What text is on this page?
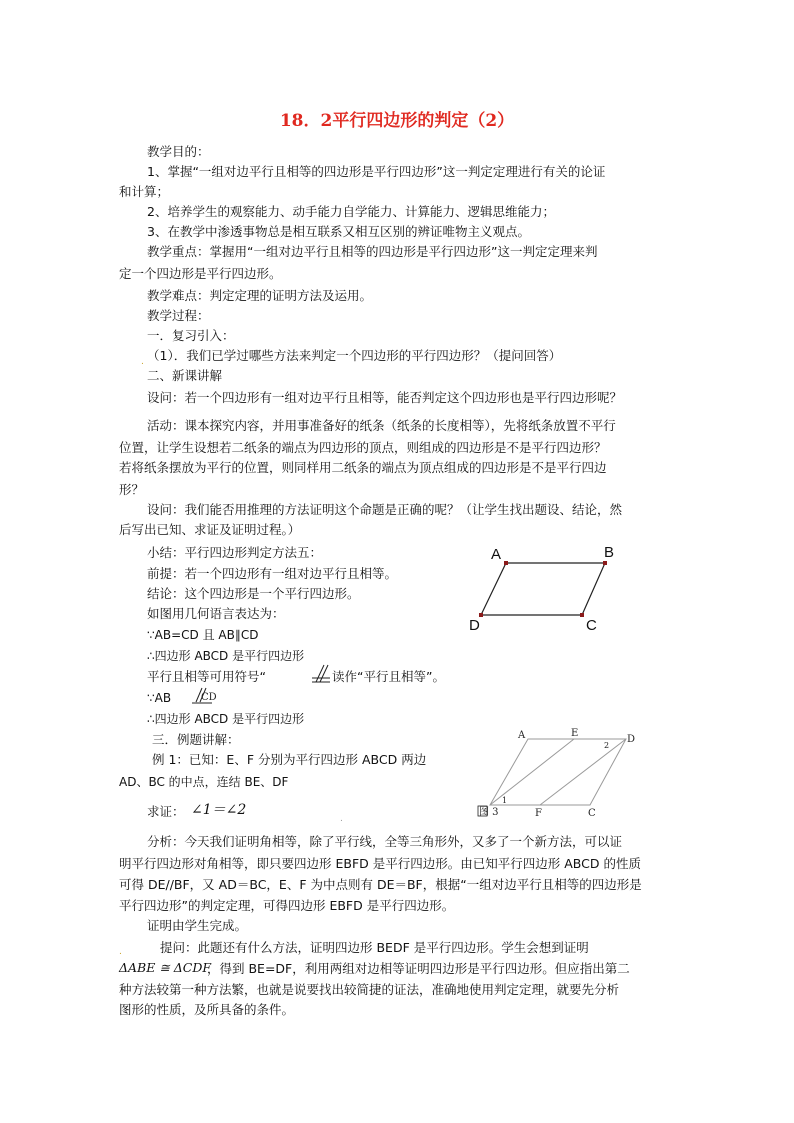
18．2平行四边形的判定（2）
教学目的：
1、掌握“一组对边平行且相等的四边形是平行四边形”这一判定定理进行有关的论证
和计算；
2、培养学生的观察能力、动手能力自学能力、计算能力、逻辑思维能力；
3、在教学中渗透事物总是相互联系又相互区别的辨证唯物主义观点。
教学重点：掌握用“一组对边平行且相等的四边形是平行四边形”这一判定定理来判
定一个四边形是平行四边形。
教学难点：判定定理的证明方法及运用。
教学过程：
一．复习引入：
（1）．我们已学过哪些方法来判定一个四边形的平行四边形？（提问回答）
二、新课讲解
设问：若一个四边形有一组对边平行且相等，能否判定这个四边形也是平行四边形呢？
活动：课本探究内容，并用事准备好的纸条（纸条的长度相等），先将纸条放置不平行
位置，让学生设想若二纸条的端点为四边形的顶点，则组成的四边形是不是平行四边形？
若将纸条摆放为平行的位置，则同样用二纸条的端点为顶点组成的四边形是不是平行四边
形？
设问：我们能否用推理的方法证明这个命题是正确的呢？（让学生找出题设、结论，然
后写出已知、求证及证明过程。）
小结：平行四边形判定方法五：
前提：若一个四边形有一组对边平行且相等。
结论：这个四边形是一个平行四边形。
如图用几何语言表达为：
∵AB=CD 且 AB∥CD
∴四边形 ABCD 是平行四边形
平行且相等可用符号“	读作“平行且相等”。
∵AB	CD
∴四边形 ABCD 是平行四边形
三．例题讲解：
例 1：已知：E、F 分别为平行四边形 ABCD 两边
AD、BC 的中点，连结 BE、DF
求证： ∠1＝∠2
分析：今天我们证明角相等，除了平行线，全等三角形外，又多了一个新方法，可以证
明平行四边形对角相等，即只要四边形 EBFD 是平行四边形。由已知平行四边形 ABCD 的性质
可得 DE//BF，又 AD＝BC，E、F 为中点则有 DE＝BF，根据“一组对边平行且相等的四边形是
平行四边形”的判定定理，可得四边形 EBFD 是平行四边形。
证明由学生完成。
提问：此题还有什么方法，证明四边形 BEDF 是平行四边形。学生会想到证明
ΔABE ≅ ΔCDF
，得到 BE=DF，利用两组对边相等证明四边形是平行四边形。但应指出第二
种方法较第一种方法繁，也就是说要找出较简捷的证法，准确地使用判定定理，就要先分析
图形的性质，及所具备的条件。
A	B
C
D
A	E
D
1
2
F	C
图 3
.
.
.
